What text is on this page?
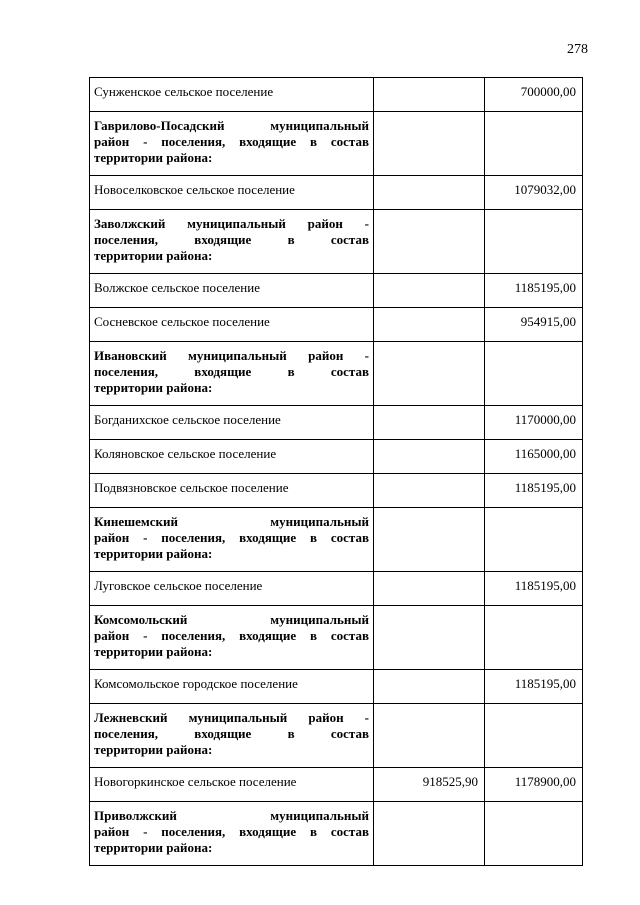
278
Сунженское сельское поселение		700000,00

Гаврилово-Посадский муниципальный
район - поселения, входящие в состав
территории района:		

Новоселковское сельское поселение		1079032,00

Заволжский муниципальный район -
поселения, входящие в состав
территории района:		

Волжское сельское поселение		1185195,00
Сосневское сельское поселение		954915,00

Ивановский муниципальный район -
поселения, входящие в состав
территории района:		

Богданихское сельское поселение		1170000,00
Коляновское сельское поселение		1165000,00
Подвязновское сельское поселение		1185195,00

Кинешемский муниципальный
район - поселения, входящие в состав
территории района:		

Луговское сельское поселение		1185195,00

Комсомольский муниципальный
район - поселения, входящие в состав
территории района:		

Комсомольское городское поселение		1185195,00

Лежневский муниципальный район -
поселения, входящие в состав
территории района:		

Новогоркинское сельское поселение	918525,90	1178900,00

Приволжский муниципальный
район - поселения, входящие в состав
территории района:		
